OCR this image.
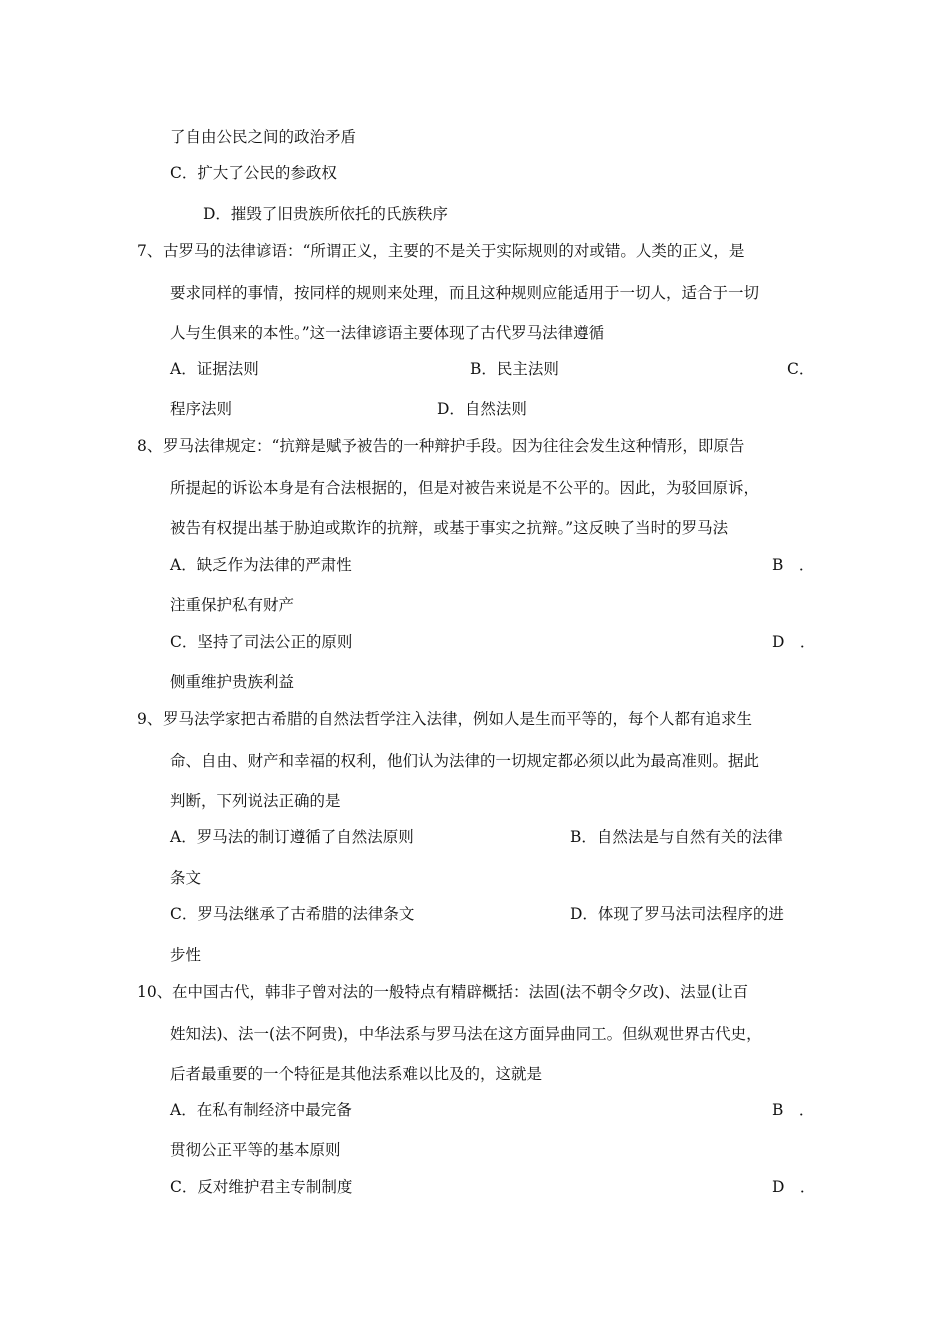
了自由公民之间的政治矛盾
C．扩大了公民的参政权
D．摧毁了旧贵族所依托的氏族秩序
7、 古罗马的法律谚语：“所谓正义，主要的不是关于实际规则的对或错。人类的正义，是
要求同样的事情，按同样的规则来处理，而且这种规则应能适用于一切人，适合于一切
人与生俱来的本性。”这一法律谚语主要体现了古代罗马法律遵循
A．证据法则	B．民主法则	C．
程序法则	D．自然法则
8、 罗马法律规定：“抗辩是赋予被告的一种辩护手段。因为往往会发生这种情形，即原告
所提起的诉讼本身是有合法根据的，但是对被告来说是不公平的。因此，为驳回原诉，
被告有权提出基于胁迫或欺诈的抗辩，或基于事实之抗辩。”这反映了当时的罗马法
A．缺乏作为法律的严肃性	B　．
注重保护私有财产
C．坚持了司法公正的原则	D　．
侧重维护贵族利益
9、 罗马法学家把古希腊的自然法哲学注入法律，例如人是生而平等的，每个人都有追求生
命、自由、财产和幸福的权利，他们认为法律的一切规定都必须以此为最高准则。据此
判断，下列说法正确的是
A．罗马法的制订遵循了自然法原则	B．自然法是与自然有关的法律
条文
C．罗马法继承了古希腊的法律条文	D．体现了罗马法司法程序的进
步性
10、 在中国古代，韩非子曾对法的一般特点有精辟概括：法固(法不朝令夕改)、法显(让百
姓知法)、法一(法不阿贵)，中华法系与罗马法在这方面异曲同工。但纵观世界古代史，
后者最重要的一个特征是其他法系难以比及的，这就是
A．在私有制经济中最完备	B　．
贯彻公正平等的基本原则
C．反对维护君主专制制度	D　．
